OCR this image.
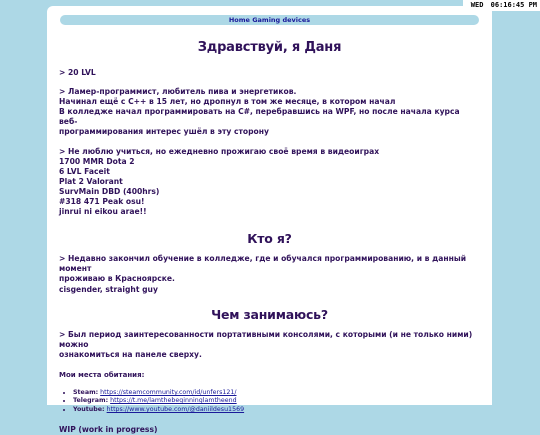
WED 06:16:45 PM
Home Gaming devices
Здравствуй, я Даня

> 20 LVL

> Ламер-программист, любитель пива и энергетиков.
Начинал ещё с C++ в 15 лет, но дропнул в том же месяце, в котором начал
В колледже начал программировать на C#, перебравшись на WPF, но после начала курса веб-
программирования интерес ушёл в эту сторону

> Не люблю учиться, но ежедневно прожигаю своё время в видеоиграх
1700 MMR Dota 2
6 LVL Faceit
Plat 2 Valorant
SurvMain DBD (400hrs)
#318 471 Peak osu!
jinrui ni eikou arae!!

Кто я?

> Недавно закончил обучение в колледже, где и обучался программированию, и в данный момент
проживаю в Красноярске.
cisgender, straight guy

Чем занимаюсь?

> Был период заинтересованности портативными консолями, с которыми (и не только ними) можно
ознакомиться на панеле сверху.

Мои места обитания:
• Steam: https://steamcommunity.com/id/unfers121/
• Telegram: https://t.me/lamthebeginninglamtheend
• Youtube: https://www.youtube.com/@daniildesu1569

WIP (work in progress)
